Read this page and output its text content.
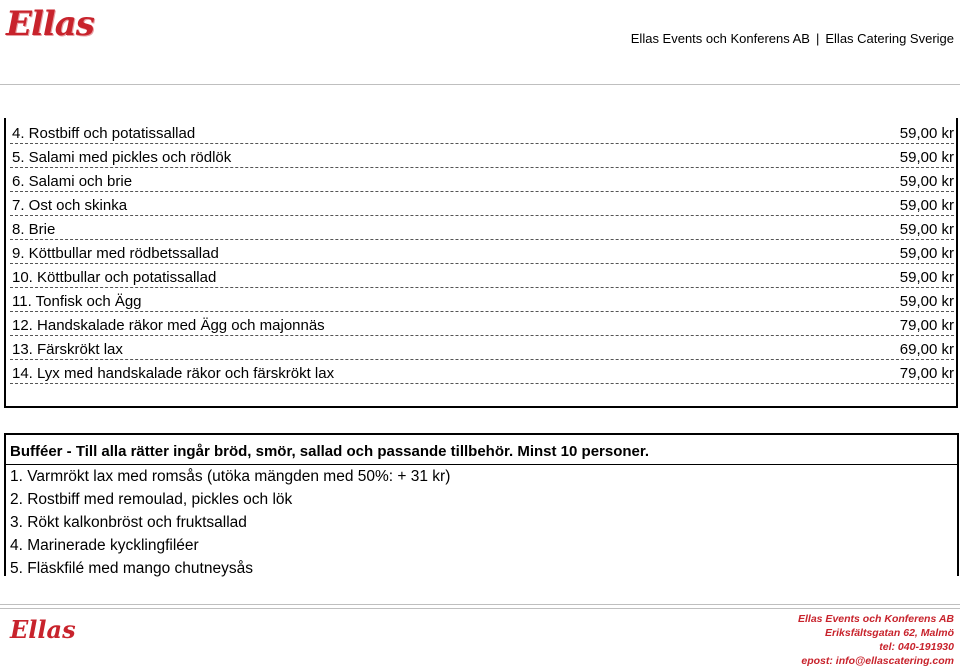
Ellas	Ellas Events och Konferens AB | Ellas Catering Sverige
4. Rostbiff och potatissallad	59,00 kr
5. Salami med pickles och rödlök	59,00 kr
6. Salami och brie	59,00 kr
7. Ost och skinka	59,00 kr
8. Brie	59,00 kr
9. Köttbullar med rödbetssallad	59,00 kr
10. Köttbullar och potatissallad	59,00 kr
11. Tonfisk och Ägg	59,00 kr
12. Handskalade räkor med Ägg och majonnäs	79,00 kr
13. Färskrökt lax	69,00 kr
14. Lyx med handskalade räkor och färskrökt lax	79,00 kr
Bufféer - Till alla rätter ingår bröd, smör, sallad och passande tillbehör. Minst 10 personer.
1. Varmrökt lax med romsås (utöka mängden med 50%: + 31 kr)
2. Rostbiff med remoulad, pickles och lök
3. Rökt kalkonbröst och fruktsallad
4. Marinerade kycklingfiléer
5. Fläskfilé med mango chutneysås
Ellas	Ellas Events och Konferens AB
Eriksfältsgatan 62, Malmö
tel: 040-191930
epost: info@ellascatering.com
